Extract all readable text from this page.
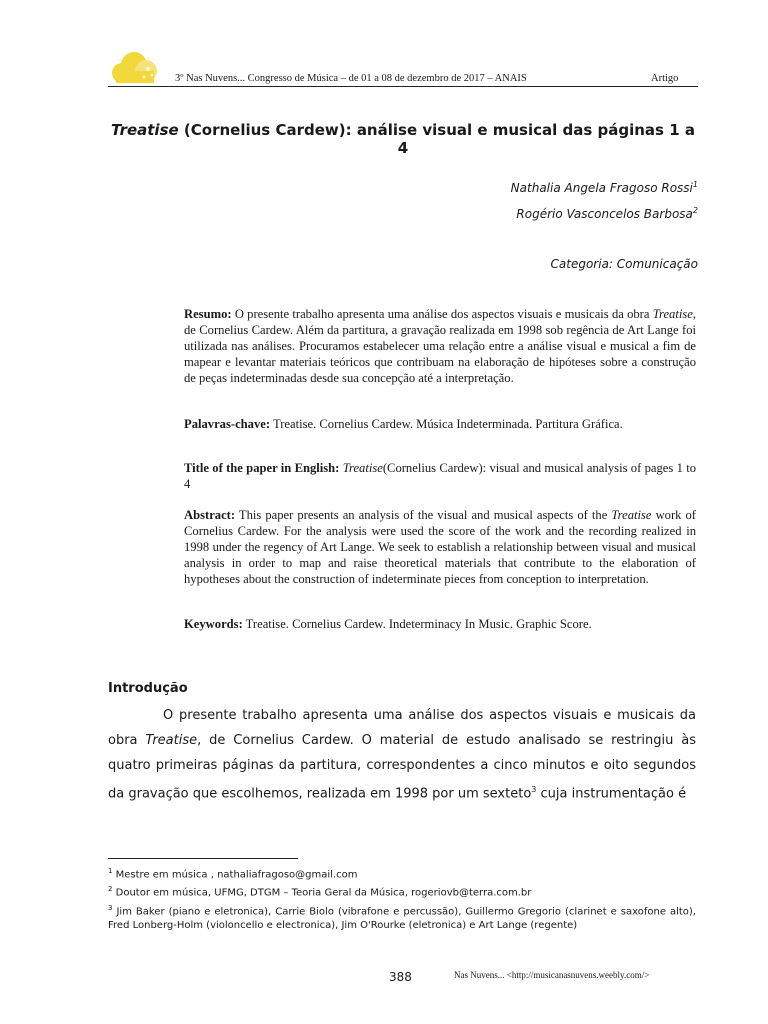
3º Nas Nuvens... Congresso de Música – de 01 a 08 de dezembro de 2017 – ANAIS	Artigo
Treatise (Cornelius Cardew): análise visual e musical das páginas 1 a 4
Nathalia Angela Fragoso Rossi$^1$
Rogério Vasconcelos Barbosa$^2$
Categoria: Comunicação
Resumo: O presente trabalho apresenta uma análise dos aspectos visuais e musicais da obra Treatise, de Cornelius Cardew. Além da partitura, a gravação realizada em 1998 sob regência de Art Lange foi utilizada nas análises. Procuramos estabelecer uma relação entre a análise visual e musical a fim de mapear e levantar materiais teóricos que contribuam na elaboração de hipóteses sobre a construção de peças indeterminadas desde sua concepção até a interpretação.
Palavras-chave: Treatise. Cornelius Cardew. Música Indeterminada. Partitura Gráfica.
Title of the paper in English: Treatise(Cornelius Cardew): visual and musical analysis of pages 1 to 4
Abstract: This paper presents an analysis of the visual and musical aspects of the Treatise work of Cornelius Cardew. For the analysis were used the score of the work and the recording realized in 1998 under the regency of Art Lange. We seek to establish a relationship between visual and musical analysis in order to map and raise theoretical materials that contribute to the elaboration of hypotheses about the construction of indeterminate pieces from conception to interpretation.
Keywords: Treatise. Cornelius Cardew. Indeterminacy In Music. Graphic Score.
Introdução
O presente trabalho apresenta uma análise dos aspectos visuais e musicais da obra Treatise, de Cornelius Cardew. O material de estudo analisado se restringiu às quatro primeiras páginas da partitura, correspondentes a cinco minutos e oito segundos da gravação que escolhemos, realizada em 1998 por um sexteto$^3$ cuja instrumentação é
$^1$ Mestre em música , nathaliafragoso@gmail.com
$^2$ Doutor em música, UFMG, DTGM – Teoria Geral da Música, rogeriovb@terra.com.br
$^3$ Jim Baker (piano e eletronica), Carrie Biolo (vibrafone e percussão), Guillermo Gregorio (clarinet e saxofone alto), Fred Lonberg-Holm (violoncello e electronica), Jim O'Rourke (eletronica) e Art Lange (regente)
388	Nas Nuvens... <http://musicanasnuvens.weebly.com/>
